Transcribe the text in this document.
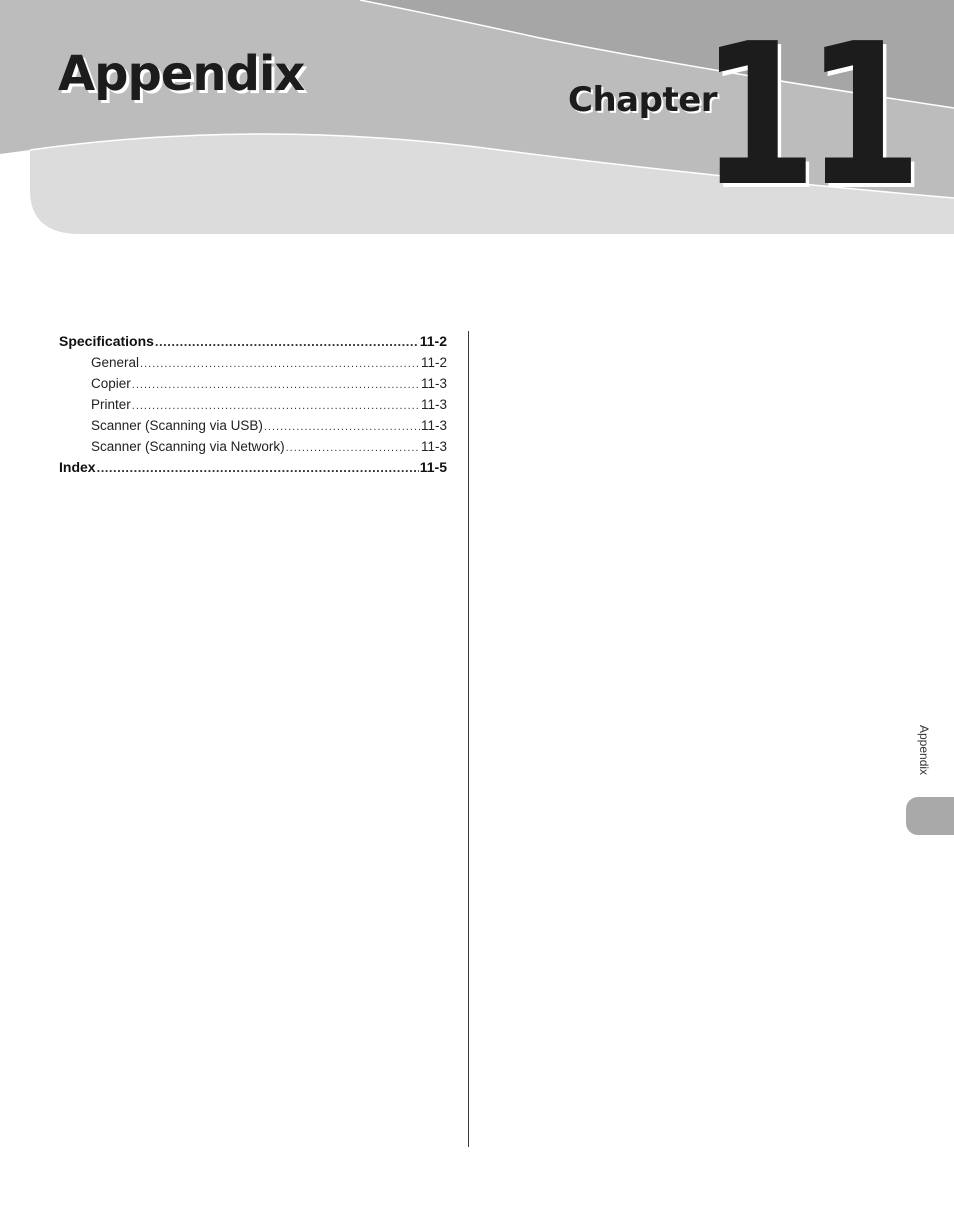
Appendix	Chapter
11
Specifications .....	11-2
General .....	11-2
Copier .....	11-3
Printer .....	11-3
Scanner (Scanning via USB) .....	11-3
Scanner (Scanning via Network) .....	11-3
Index .....	11-5
Appendix
